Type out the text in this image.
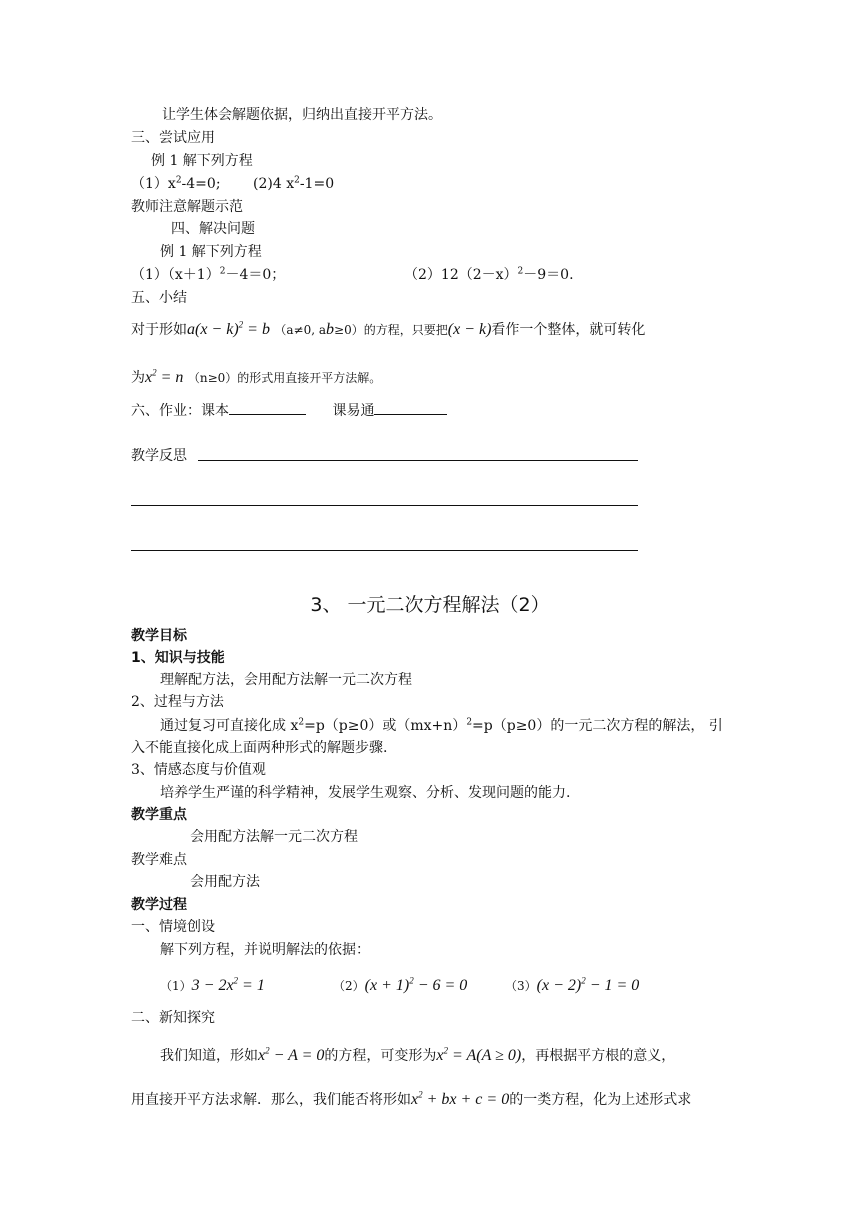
让学生体会解题依据，归纳出直接开平方法。
三、尝试应用
例 1 解下列方程
$(1)x^2-4=0$; (2)4 $x^2-1=0$
教师注意解题示范
四、解决问题
例 1 解下列方程
$(1)(x+1)^2-4=0$；	$(2)12(2-x)^2-9=0$.
五、小结
对于形如$a(x - k)^2 = b$ （a≠0, ab≥0）的方程，只要把(x − k)看作一个整体，就可转化
为$x^2 = n$ （n≥0）的形式用直接开平方法解。
六、作业：课本	课易通
教学反思
3、 一元二次方程解法（2）
教学目标
1、知识与技能
理解配方法，会用配方法解一元二次方程
2、过程与方法
通过复习可直接化成 $x^2=p(p\ge 0)$或$(mx+n)^2=p(p\ge 0)$的一元二次方程的解法， 引
入不能直接化成上面两种形式的解题步骤.
3、情感态度与价值观
培养学生严谨的科学精神，发展学生观察、分析、发现问题的能力.
教学重点
会用配方法解一元二次方程
教学难点
会用配方法
教学过程
一、情境创设
解下列方程，并说明解法的依据：
$(1)3 - 2x^2 = 1$	$(2)(x + 1)^2 - 6 = 0$	$(3)(x - 2)^2 - 1 = 0$
二、新知探究
我们知道，形如$x^2 - A = 0$的方程，可变形为$x^2 = A(A \ge 0)$，再根据平方根的意义，
用直接开平方法求解．那么，我们能否将形如$x^2$ + bx + c = 0的一类方程，化为上述形式求
